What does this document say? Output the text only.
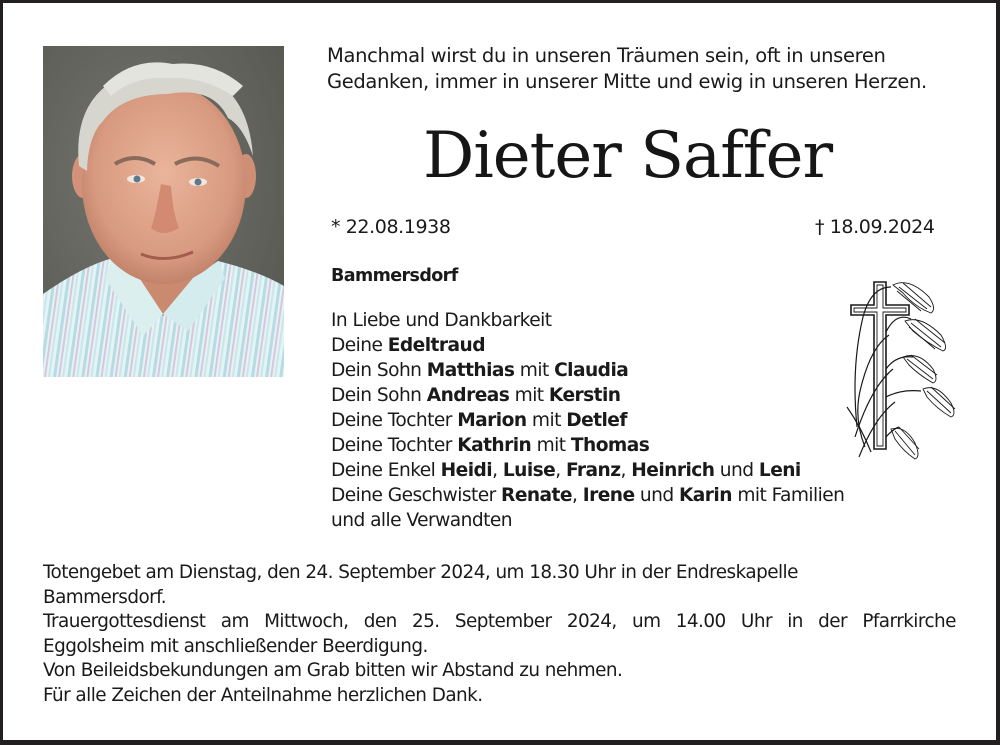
Manchmal wirst du in unseren Träumen sein, oft in unseren
Gedanken, immer in unserer Mitte und ewig in unseren Herzen.
Dieter Saffer
* 22.08.1938	† 18.09.2024
Bammersdorf
In Liebe und Dankbarkeit
Deine Edeltraud
Dein Sohn Matthias mit Claudia
Dein Sohn Andreas mit Kerstin
Deine Tochter Marion mit Detlef
Deine Tochter Kathrin mit Thomas
Deine Enkel Heidi, Luise, Franz, Heinrich und Leni
Deine Geschwister Renate, Irene und Karin mit Familien
und alle Verwandten
Totengebet am Dienstag, den 24. September 2024, um 18.30 Uhr in der Endreskapelle
Bammersdorf.
Trauergottesdienst am Mittwoch, den 25. September 2024, um 14.00 Uhr in der Pfarrkirche
Eggolsheim mit anschließender Beerdigung.
Von Beileidsbekundungen am Grab bitten wir Abstand zu nehmen.
Für alle Zeichen der Anteilnahme herzlichen Dank.
